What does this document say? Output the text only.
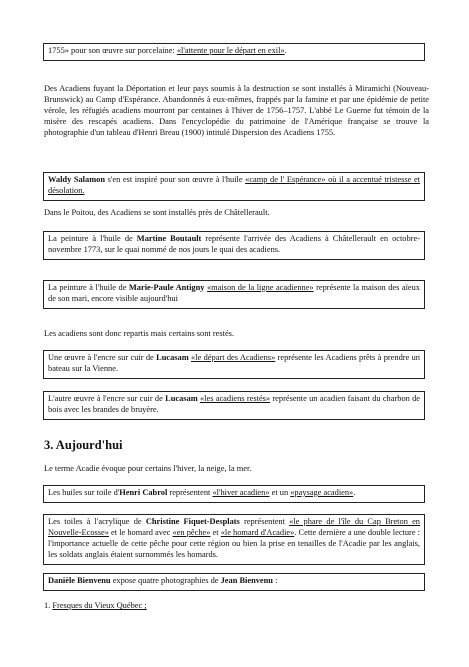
1755» pour son œuvre sur porcelaine: «l'attente pour le départ en exil».
Des Acadiens fuyant la Déportation et leur pays soumis à la destruction se sont installés à Miramichi (Nouveau-Brunswick) au Camp d'Espérance. Abandonnés à eux-mêmes, frappés par la famine et par une épidémie de petite vérole, les réfugiés acadiens mourront par centaines à l'hiver de 1756–1757. L'abbé Le Guerne fut témoin de la misère des rescapés acadiens. Dans l'encyclopédie du patrimoine de l'Amérique française se trouve la photographie d'un tableau d'Henri Breau (1900) intitulé Dispersion des Acadiens 1755.
Waldy Salamon s'en est inspiré pour son œuvre à l'huile «camp de l' Espérance» où il a accentué tristesse et désolation.
Dans le Poitou, des Acadiens se sont installés près de Châtellerault.
La peinture à l'huile de Martine Boutault représente l'arrivée des Acadiens à Châtellerault en octobre-novembre 1773, sur le quai nommé de nos jours le quai des acadiens.
La peinture à l'huile de Marie-Paule Antigny «maison de la ligne acadienne» représente la maison des aïeux de son mari, encore visible aujourd'hui
Les acadiens sont donc repartis mais certains sont restés.
Une œuvre à l'encre sur cuir de Lucasam «le départ des Acadiens» représente les Acadiens prêts à prendre un bateau sur la Vienne.
L'autre œuvre à l'encre sur cuir de Lucasam «les acadiens restés» représente un acadien faisant du charbon de bois avec les brandes de bruyère.
3. Aujourd'hui
Le terme Acadie évoque pour certains l'hiver, la neige, la mer.
Les huiles sur toile d'Henri Cabrol représentent «l'hiver acadien» et un «paysage acadien».
Les toiles à l'acrylique de Christine Fiquet-Desplats représentent «le phare de l'île du Cap Breton en Nouvelle-Ecosse» et le homard avec «en pêche» et «le homard d'Acadie». Cette dernière a une double lecture : l'importance actuelle de cette pêche pour cette région ou bien la prise en tenailles de l'Acadie par les anglais, les soldats anglais étaient surnommés les homards.
Danièle Bienvenu expose quatre photographies de Jean Bienvenu :
1. Fresques du Vieux Québec ;
